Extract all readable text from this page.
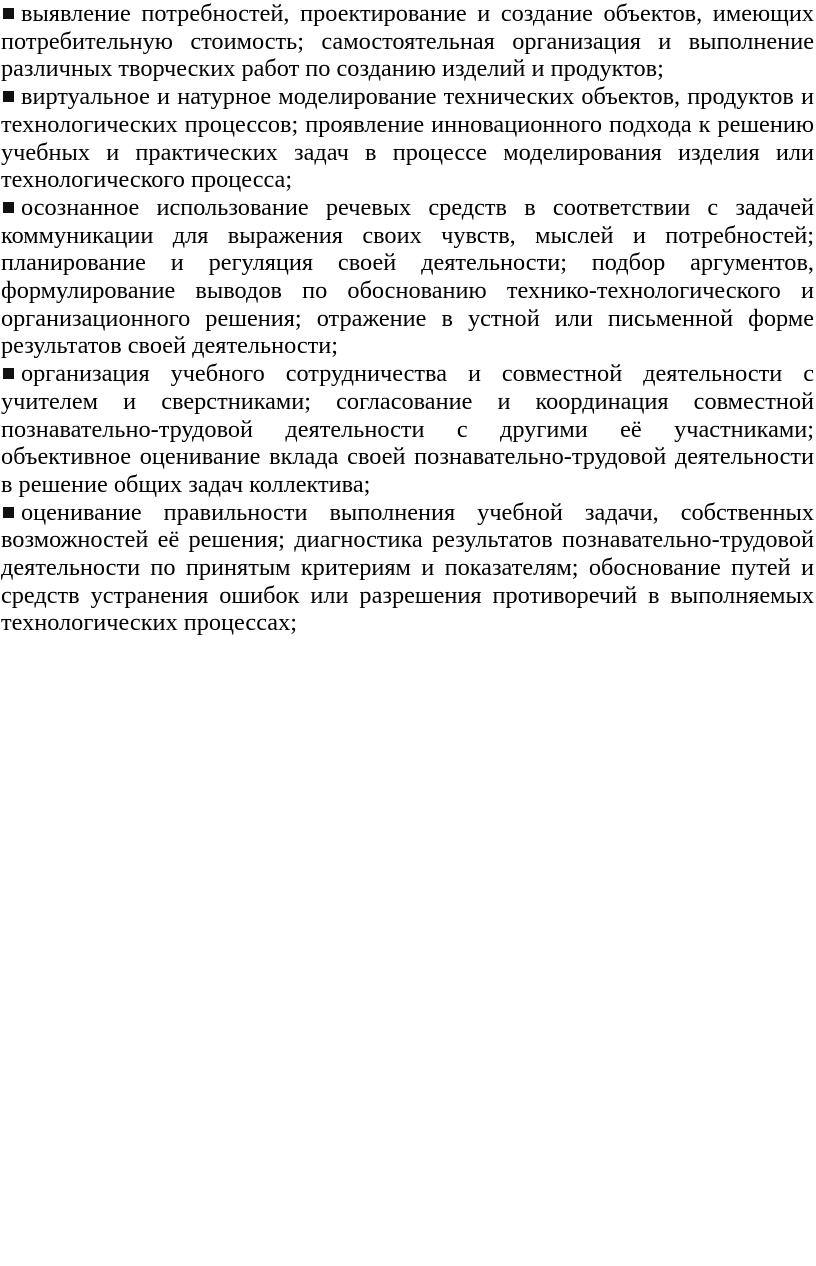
выявление потребностей, проектирование и создание объектов, имеющих потребительную стоимость; самостоятельная организация и выполнение различных творческих работ по созданию изделий и продуктов;

виртуальное и натурное моделирование технических объектов, продуктов и технологических процессов; проявление инновационного подхода к решению учебных и практических задач в процессе моделирования изделия или технологического процесса;

осознанное использование речевых средств в соответствии с задачей коммуникации для выражения своих чувств, мыслей и потребностей; планирование и регуляция своей деятельности; подбор аргументов, формулирование выводов по обоснованию технико-технологического и организационного решения; отражение в устной или письменной форме результатов своей деятельности;

организация учебного сотрудничества и совместной деятельности с учителем и сверстниками; согласование и координация совместной познавательно-трудовой деятельности с другими её участниками; объективное оценивание вклада своей познавательно-трудовой деятельности в решение общих задач коллектива;

оценивание правильности выполнения учебной задачи, собственных возможностей её решения; диагностика результатов познавательно-трудовой деятельности по принятым критериям и показателям; обоснование путей и средств устранения ошибок или разрешения противоречий в выполняемых технологических процессах;
